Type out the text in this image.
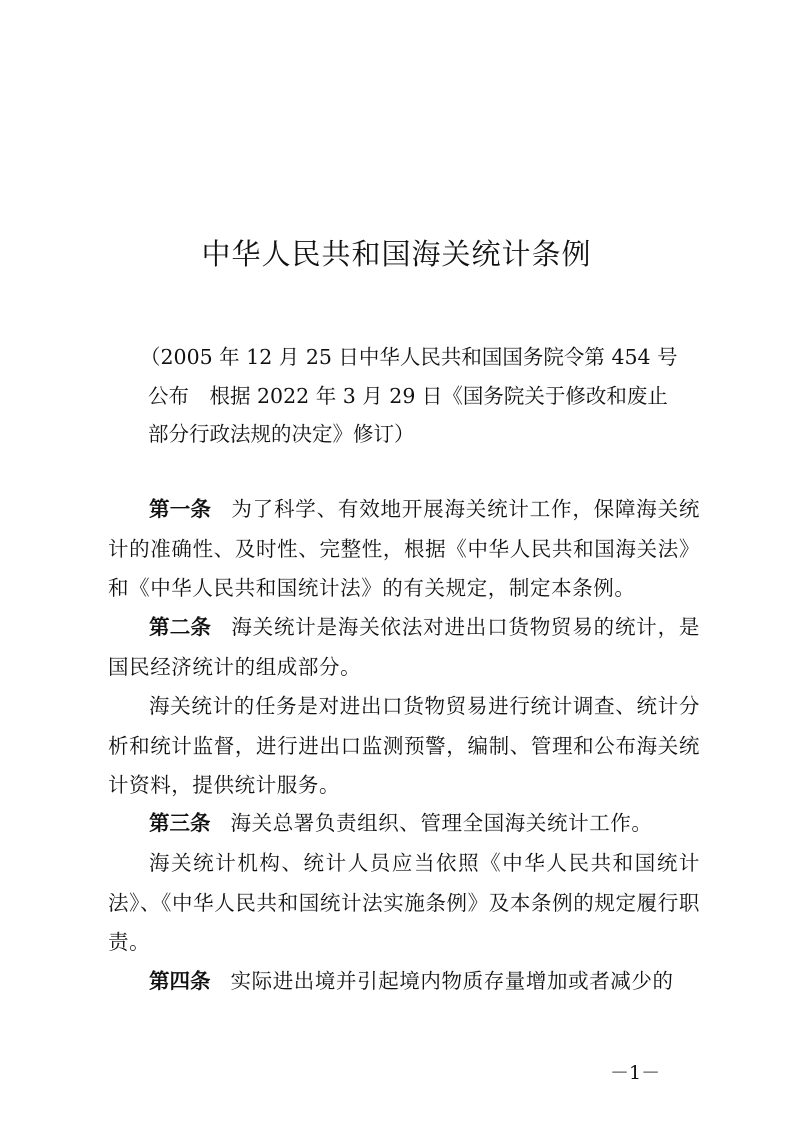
中华人民共和国海关统计条例
（2005 年 12 月 25 日中华人民共和国国务院令第 454 号
公布　根据 2022 年 3 月 29 日《国务院关于修改和废止
部分行政法规的决定》修订）

第一条 为了科学、有效地开展海关统计工作，保障海关统计的准确性、及时性、完整性，根据《中华人民共和国海关法》和《中华人民共和国统计法》的有关规定，制定本条例。

第二条 海关统计是海关依法对进出口货物贸易的统计，是国民经济统计的组成部分。

海关统计的任务是对进出口货物贸易进行统计调查、统计分析和统计监督，进行进出口监测预警，编制、管理和公布海关统计资料，提供统计服务。

第三条 海关总署负责组织、管理全国海关统计工作。

海关统计机构、统计人员应当依照《中华人民共和国统计法》、《中华人民共和国统计法实施条例》及本条例的规定履行职责。

第四条 实际进出境并引起境内物质存量增加或者减少的

－1－
